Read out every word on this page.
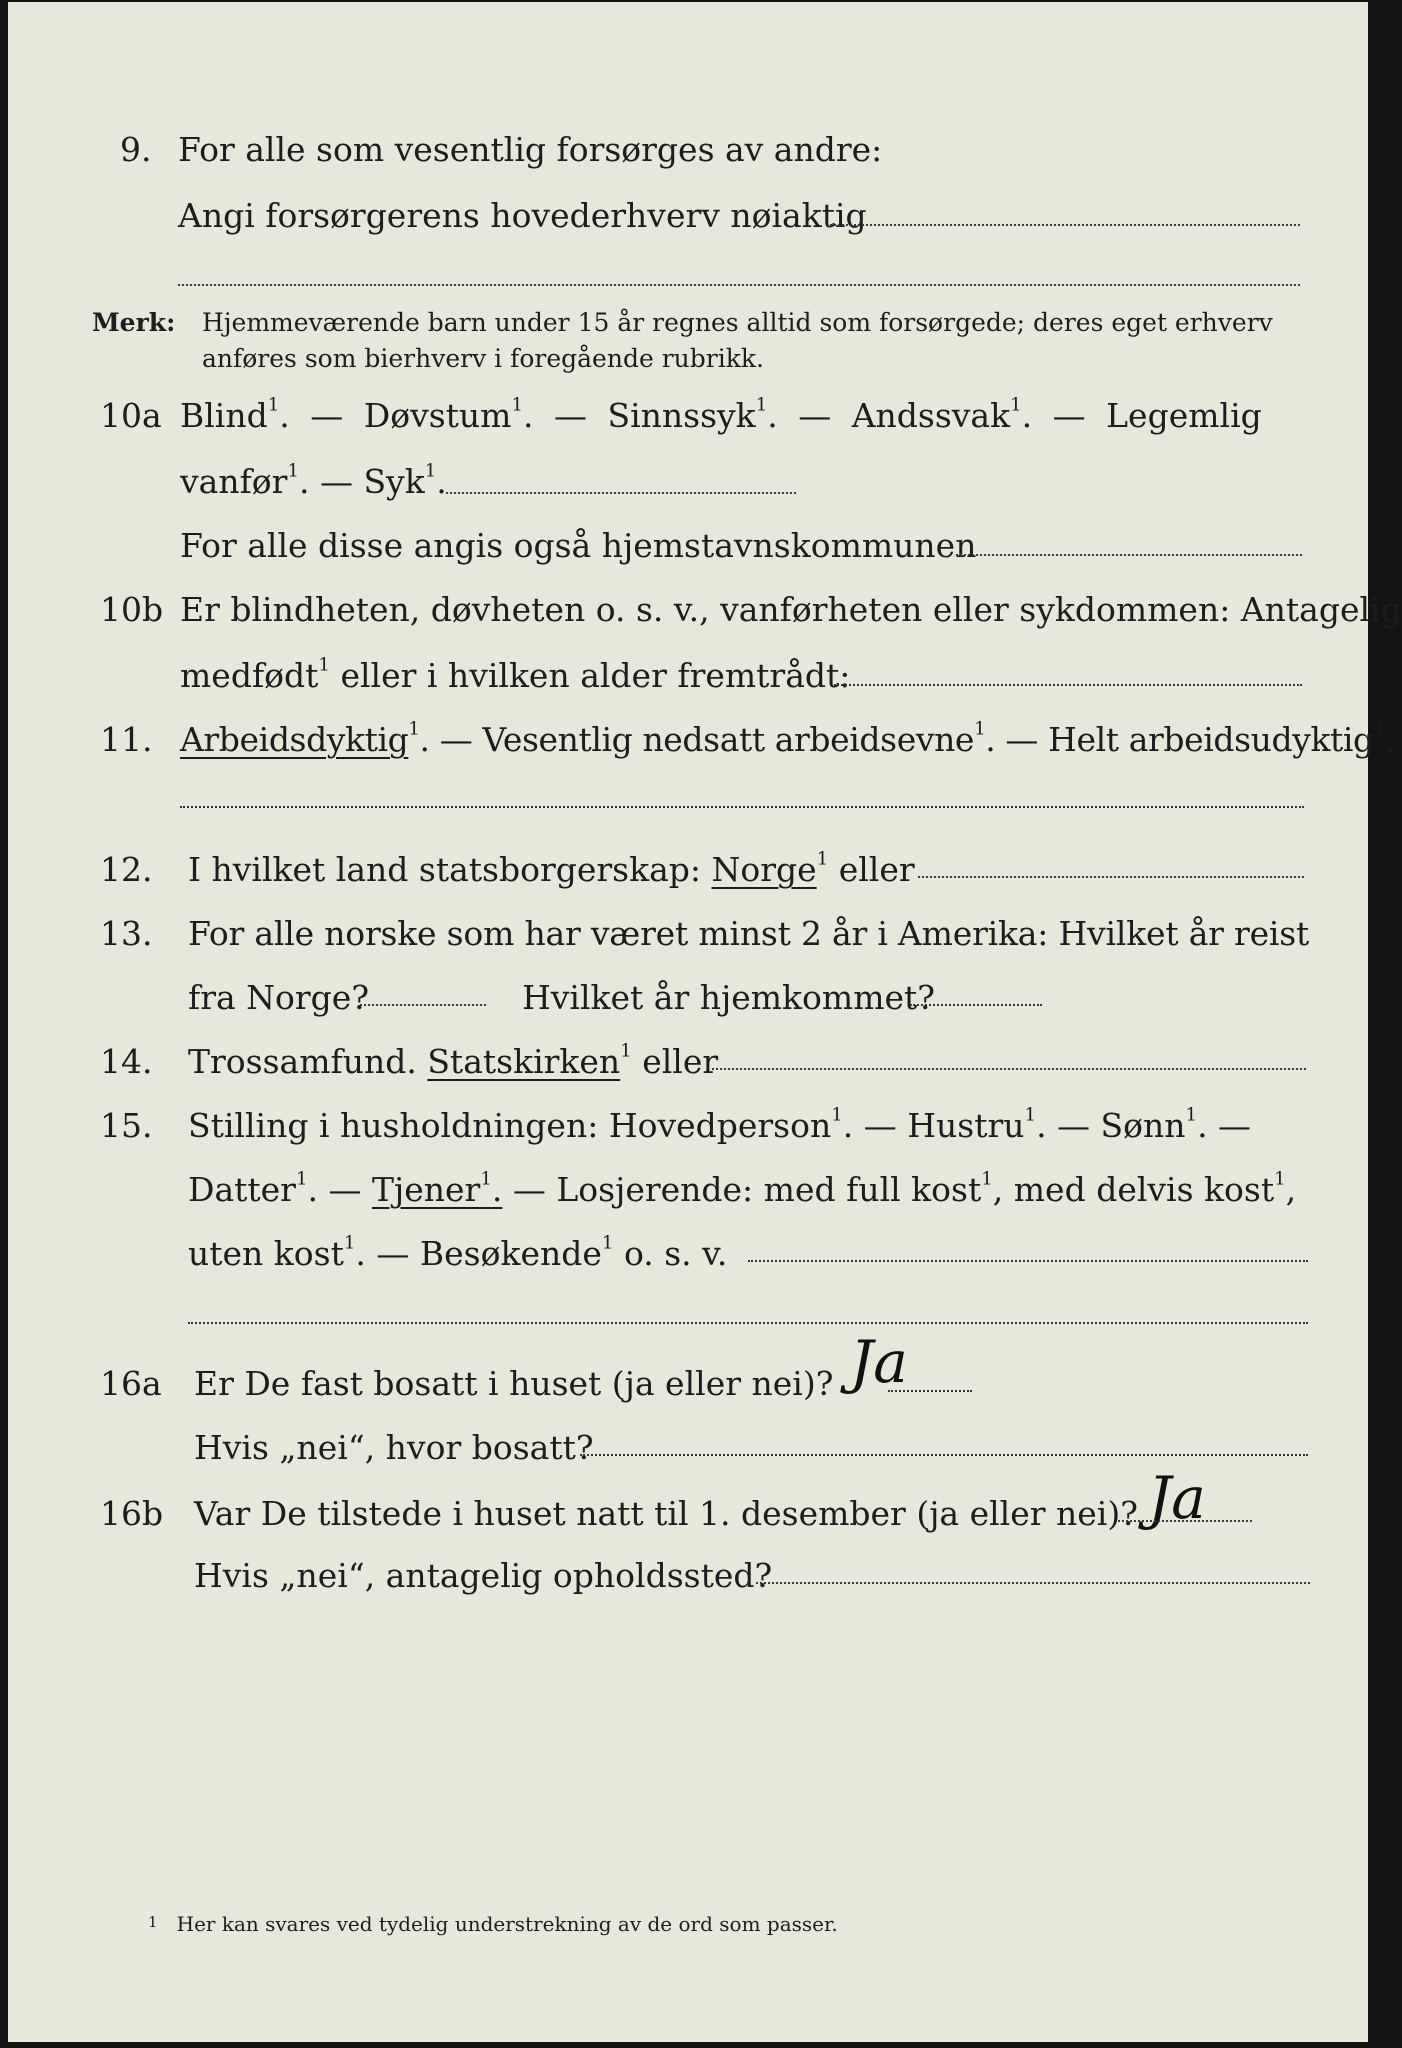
9. For alle som vesentlig forsørges av andre:
Angi forsørgerens hovederhverv nøiaktig
Merk: Hjemmeværende barn under 15 år regnes alltid som forsørgede; deres eget erhverv
anføres som bierhverv i foregående rubrikk.
10a Blind$^1$. — Døvstum$^1$. — Sinnssyk$^1$. — Andssvak$^1$. — Legemlig
vanfør$^1$. — Syk$^1$.
For alle disse angis også hjemstavnskommunen
10b Er blindheten, døvheten o. s. v., vanførheten eller sykdommen: Antagelig
medfødt$^1$ eller i hvilken alder fremtrådt:
11. Arbeidsdyktig$^1$. — Vesentlig nedsatt arbeidsevne$^1$. — Helt arbeidsudyktig$^1$.
12. I hvilket land statsborgerskap: Norge$^1$ eller
13. For alle norske som har været minst 2 år i Amerika: Hvilket år reist
fra Norge?	Hvilket år hjemkommet?
14. Trossamfund. Statskirken$^1$ eller
15. Stilling i husholdningen: Hovedperson$^1$. — Hustru$^1$. — Sønn$^1$. —
Datter$^1$. — Tjener$^1$. — Losjerende: med full kost$^1$, med delvis kost$^1$,
uten kost$^1$. — Besøkende$^1$ o. s. v.
16a Er De fast bosatt i huset (ja eller nei)? Ja
Hvis „nei“, hvor bosatt?
16b Var De tilstede i huset natt til 1. desember (ja eller nei)? Ja
Hvis „nei“, antagelig opholdssted?
$^1$ Her kan svares ved tydelig understrekning av de ord som passer.
